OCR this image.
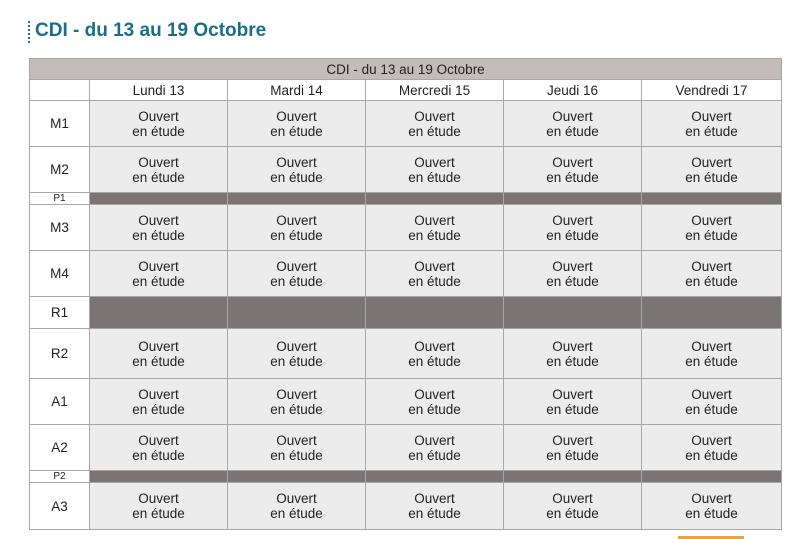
CDI - du 13 au 19 Octobre
CDI - du 13 au 19 Octobre					
	Lundi 13	Mardi 14	Mercredi 15	Jeudi 16	Vendredi 17
M1	Ouvert
en étude	Ouvert
en étude	Ouvert
en étude	Ouvert
en étude	Ouvert
en étude

M2	Ouvert
en étude	Ouvert
en étude	Ouvert
en étude	Ouvert
en étude	Ouvert
en étude

P1					
M3	Ouvert
en étude	Ouvert
en étude	Ouvert
en étude	Ouvert
en étude	Ouvert
en étude

M4	Ouvert
en étude	Ouvert
en étude	Ouvert
en étude	Ouvert
en étude	Ouvert
en étude

R1					
R2	Ouvert
en étude	Ouvert
en étude	Ouvert
en étude	Ouvert
en étude	Ouvert
en étude

A1	Ouvert
en étude	Ouvert
en étude	Ouvert
en étude	Ouvert
en étude	Ouvert
en étude

A2	Ouvert
en étude	Ouvert
en étude	Ouvert
en étude	Ouvert
en étude	Ouvert
en étude

P2					
A3	Ouvert
en étude	Ouvert
en étude	Ouvert
en étude	Ouvert
en étude	Ouvert
en étude
